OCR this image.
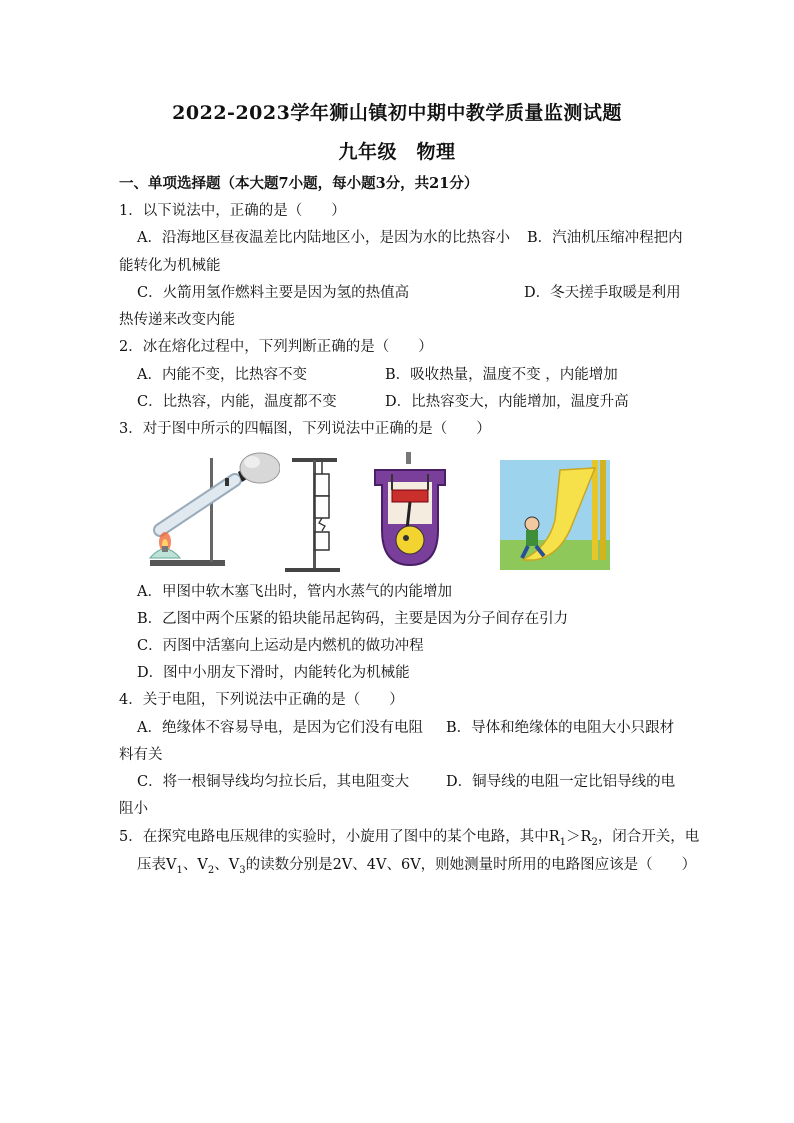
2022-2023学年狮山镇初中期中教学质量监测试题
九年级　物理
一、单项选择题（本大题7小题，每小题3分，共21分）
1．以下说法中，正确的是（　　）
A．沿海地区昼夜温差比内陆地区小，是因为水的比热容小 B．汽油机压缩冲程把内
能转化为机械能
C．火箭用氢作燃料主要是因为氢的热值高	D．冬天搓手取暖是利用
热传递来改变内能
2．冰在熔化过程中，下列判断正确的是（　　）
A．内能不变，比热容不变	B．吸收热量，温度不变 ，内能增加
C．比热容，内能，温度都不变	D．比热容变大，内能增加，温度升高
3．对于图中所示的四幅图，下列说法中正确的是（　　）
A．甲图中软木塞飞出时，管内水蒸气的内能增加
B．乙图中两个压紧的铅块能吊起钩码，主要是因为分子间存在引力
C．丙图中活塞向上运动是内燃机的做功冲程
D．图中小朋友下滑时，内能转化为机械能
4．关于电阻，下列说法中正确的是（　　）
A．绝缘体不容易导电，是因为它们没有电阻 B．导体和绝缘体的电阻大小只跟材
料有关
C．将一根铜导线均匀拉长后，其电阻变大	D．铜导线的电阻一定比铝导线的电
阻小
5．在探究电路电压规律的实验时，小旋用了图中的某个电路，其中$R_1>R_2$，闭合开关，电
压表$V_1$、$V_2$、$V_3$的读数分别是2V、4V、6V，则她测量时所用的电路图应该是（　　）
